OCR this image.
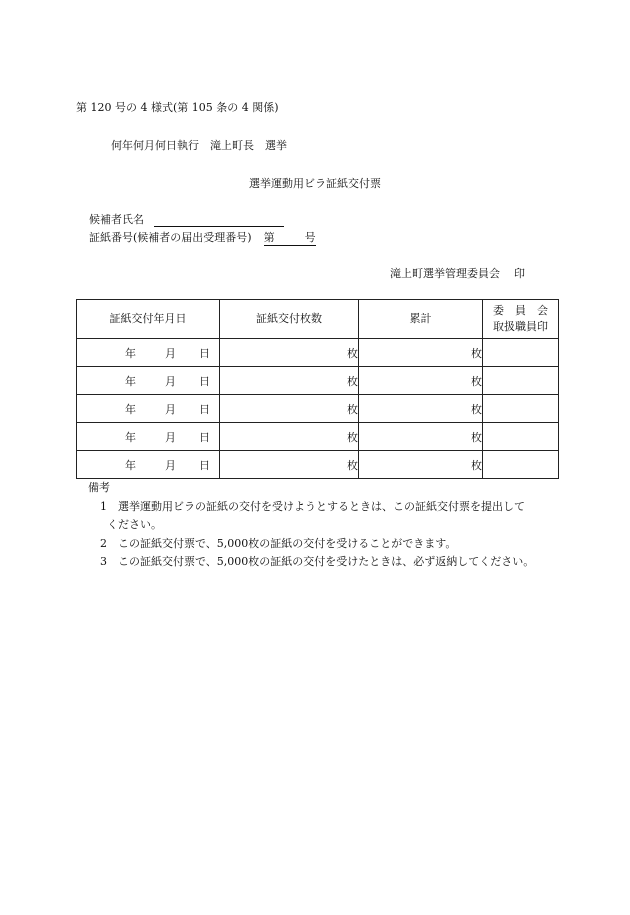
第 120 号の 4 様式(第 105 条の 4 関係)
何年何月何日執行　滝上町長　選挙
選挙運動用ビラ証紙交付票
候補者氏名
証紙番号(候補者の届出受理番号) 第	号
滝上町選挙管理委員会 印
証紙交付年月日	証紙交付枚数	累計	委　員　会
取扱職員印

年 月 日	枚	枚	
年 月 日	枚	枚	
年 月 日	枚	枚	
年 月 日	枚	枚	
年 月 日	枚	枚	
備考
1 選挙運動用ビラの証紙の交付を受けようとするときは、この証紙交付票を提出して
ください。
2 この証紙交付票で、5,000枚の証紙の交付を受けることができます。
3 この証紙交付票で、5,000枚の証紙の交付を受けたときは、必ず返納してください。
